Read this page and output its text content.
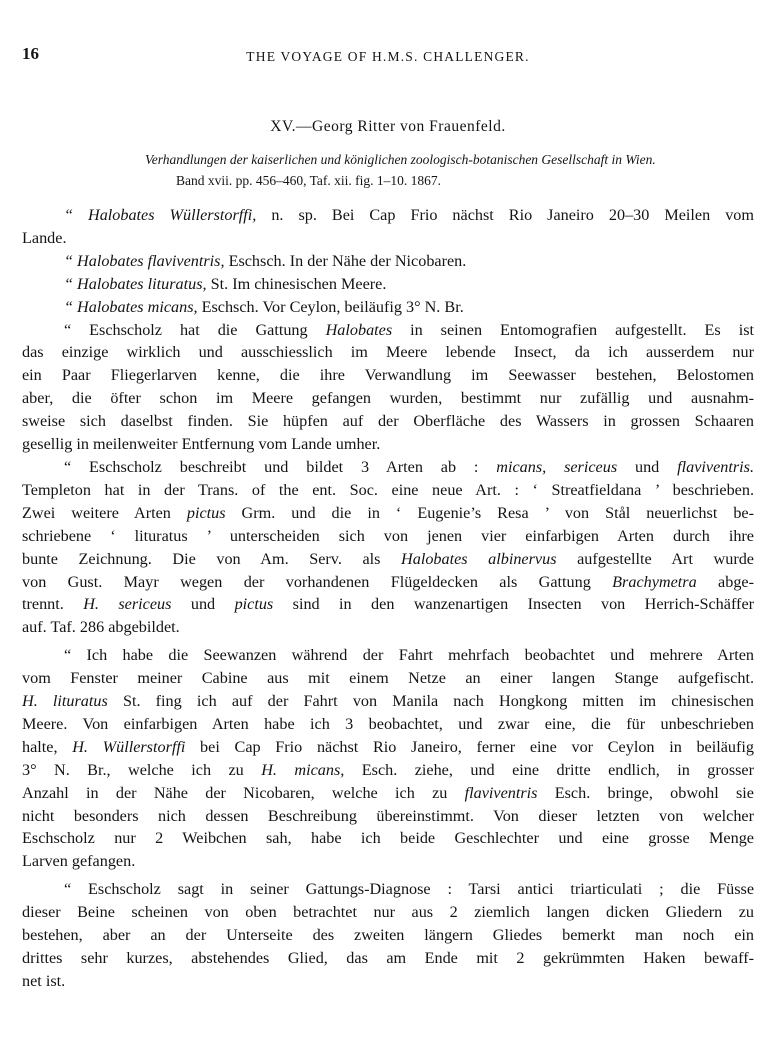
16	THE VOYAGE OF H.M.S. CHALLENGER.
XV.—Georg Ritter von Frauenfeld.
Verhandlungen der kaiserlichen und königlichen zoologisch-botanischen Gesellschaft in Wien.
Band xvii. pp. 456–460, Taf. xii. fig. 1–10. 1867.
“ Halobates Wüllerstorffi, n. sp. Bei Cap Frio nächst Rio Janeiro 20–30 Meilen vom
Lande.
“ Halobates flaviventris, Eschsch. In der Nähe der Nicobaren.
“ Halobates lituratus, St. Im chinesischen Meere.
“ Halobates micans, Eschsch. Vor Ceylon, beiläufig 3° N. Br.
“ Eschscholz hat die Gattung Halobates in seinen Entomografien aufgestellt. Es ist
das einzige wirklich und ausschiesslich im Meere lebende Insect, da ich ausserdem nur
ein Paar Fliegerlarven kenne, die ihre Verwandlung im Seewasser bestehen, Belostomen
aber, die öfter schon im Meere gefangen wurden, bestimmt nur zufällig und ausnahm-
sweise sich daselbst finden. Sie hüpfen auf der Oberfläche des Wassers in grossen Schaaren
gesellig in meilenweiter Entfernung vom Lande umher.
“ Eschscholz beschreibt und bildet 3 Arten ab : micans, sericeus und flaviventris.
Templeton hat in der Trans. of the ent. Soc. eine neue Art. : ‘ Streatfieldana ’ beschrieben.
Zwei weitere Arten pictus Grm. und die in ‘ Eugenie’s Resa ’ von Stål neuerlichst be-
schriebene ‘ lituratus ’ unterscheiden sich von jenen vier einfarbigen Arten durch ihre
bunte Zeichnung. Die von Am. Serv. als Halobates albinervus aufgestellte Art wurde
von Gust. Mayr wegen der vorhandenen Flügeldecken als Gattung Brachymetra abge-
trennt. H. sericeus und pictus sind in den wanzenartigen Insecten von Herrich-Schäffer
auf. Taf. 286 abgebildet.
“ Ich habe die Seewanzen während der Fahrt mehrfach beobachtet und mehrere Arten
vom Fenster meiner Cabine aus mit einem Netze an einer langen Stange aufgefischt.
H. lituratus St. fing ich auf der Fahrt von Manila nach Hongkong mitten im chinesischen
Meere. Von einfarbigen Arten habe ich 3 beobachtet, und zwar eine, die für unbeschrieben
halte, H. Wüllerstorffi bei Cap Frio nächst Rio Janeiro, ferner eine vor Ceylon in beiläufig
3° N. Br., welche ich zu H. micans, Esch. ziehe, und eine dritte endlich, in grosser
Anzahl in der Nähe der Nicobaren, welche ich zu flaviventris Esch. bringe, obwohl sie
nicht besonders nich dessen Beschreibung übereinstimmt. Von dieser letzten von welcher
Eschscholz nur 2 Weibchen sah, habe ich beide Geschlechter und eine grosse Menge
Larven gefangen.
“ Eschscholz sagt in seiner Gattungs-Diagnose : Tarsi antici triarticulati ; die Füsse
dieser Beine scheinen von oben betrachtet nur aus 2 ziemlich langen dicken Gliedern zu
bestehen, aber an der Unterseite des zweiten längern Gliedes bemerkt man noch ein
drittes sehr kurzes, abstehendes Glied, das am Ende mit 2 gekrümmten Haken bewaff-
net ist.
